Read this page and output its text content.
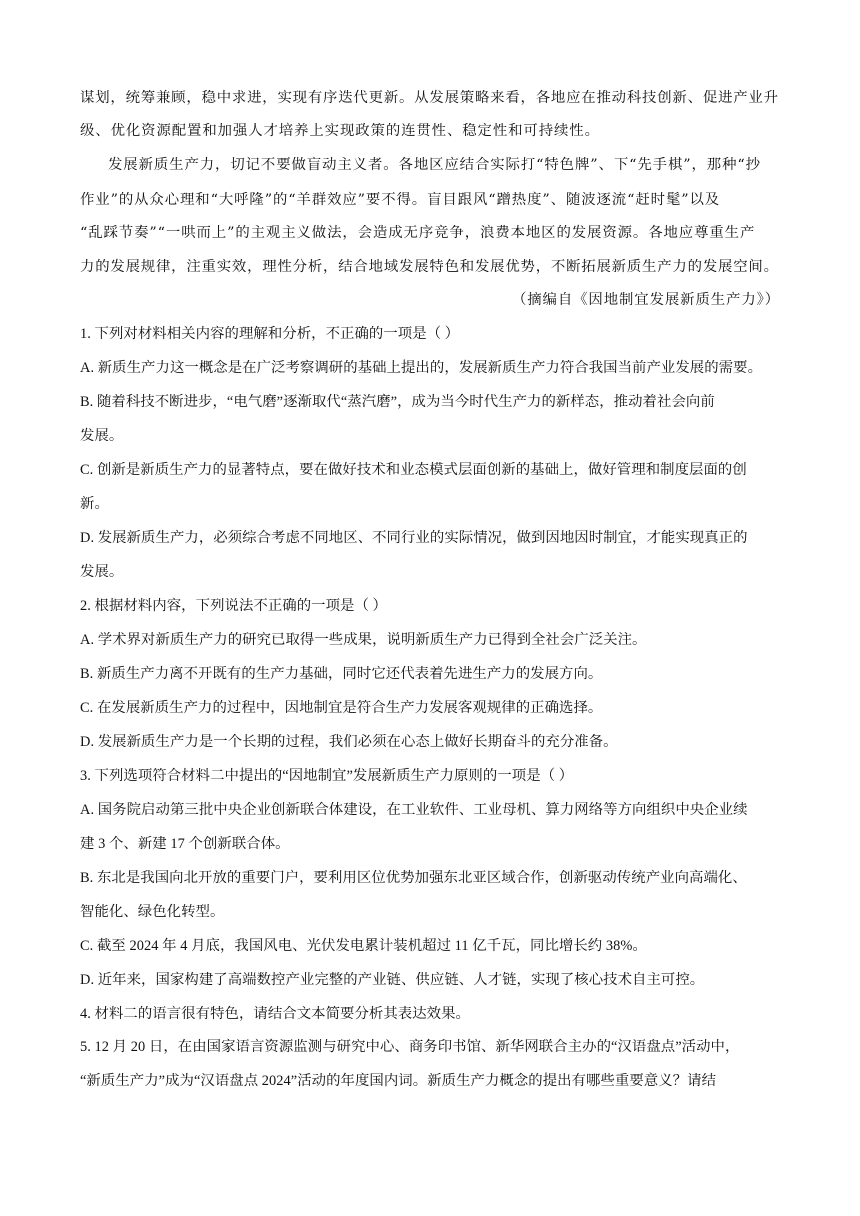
谋划，统筹兼顾，稳中求进，实现有序迭代更新。从发展策略来看，各地应在推动科技创新、促进产业升
级、优化资源配置和加强人才培养上实现政策的连贯性、稳定性和可持续性。
发展新质生产力，切记不要做盲动主义者。各地区应结合实际打“特色牌”、下“先手棋”，那种“抄
作业”的从众心理和“大呼隆”的“羊群效应”要不得。盲目跟风“蹭热度”、随波逐流“赶时髦”以及
“乱踩节奏”“一哄而上”的主观主义做法，会造成无序竞争，浪费本地区的发展资源。各地应尊重生产
力的发展规律，注重实效，理性分析，结合地域发展特色和发展优势，不断拓展新质生产力的发展空间。
（摘编自《因地制宜发展新质生产力》）
1. 下列对材料相关内容的理解和分析，不正确的一项是（ ）
A. 新质生产力这一概念是在广泛考察调研的基础上提出的，发展新质生产力符合我国当前产业发展的需要。
B. 随着科技不断进步，“电气磨”逐渐取代“蒸汽磨”，成为当今时代生产力的新样态，推动着社会向前
发展。
C. 创新是新质生产力的显著特点，要在做好技术和业态模式层面创新的基础上，做好管理和制度层面的创
新。
D. 发展新质生产力，必须综合考虑不同地区、不同行业的实际情况，做到因地因时制宜，才能实现真正的
发展。
2. 根据材料内容，下列说法不正确的一项是（ ）
A. 学术界对新质生产力的研究已取得一些成果，说明新质生产力已得到全社会广泛关注。
B. 新质生产力离不开既有的生产力基础，同时它还代表着先进生产力的发展方向。
C. 在发展新质生产力的过程中，因地制宜是符合生产力发展客观规律的正确选择。
D. 发展新质生产力是一个长期的过程，我们必须在心态上做好长期奋斗的充分准备。
3. 下列选项符合材料二中提出的“因地制宜”发展新质生产力原则的一项是（ ）
A. 国务院启动第三批中央企业创新联合体建设，在工业软件、工业母机、算力网络等方向组织中央企业续
建 3 个、新建 17 个创新联合体。
B. 东北是我国向北开放的重要门户，要利用区位优势加强东北亚区域合作，创新驱动传统产业向高端化、
智能化、绿色化转型。
C. 截至 2024 年 4 月底，我国风电、光伏发电累计装机超过 11 亿千瓦，同比增长约 38%。
D. 近年来，国家构建了高端数控产业完整的产业链、供应链、人才链，实现了核心技术自主可控。
4. 材料二的语言很有特色，请结合文本简要分析其表达效果。
5. 12 月 20 日，在由国家语言资源监测与研究中心、商务印书馆、新华网联合主办的“汉语盘点”活动中，
“新质生产力”成为“汉语盘点 2024”活动的年度国内词。新质生产力概念的提出有哪些重要意义？请结
